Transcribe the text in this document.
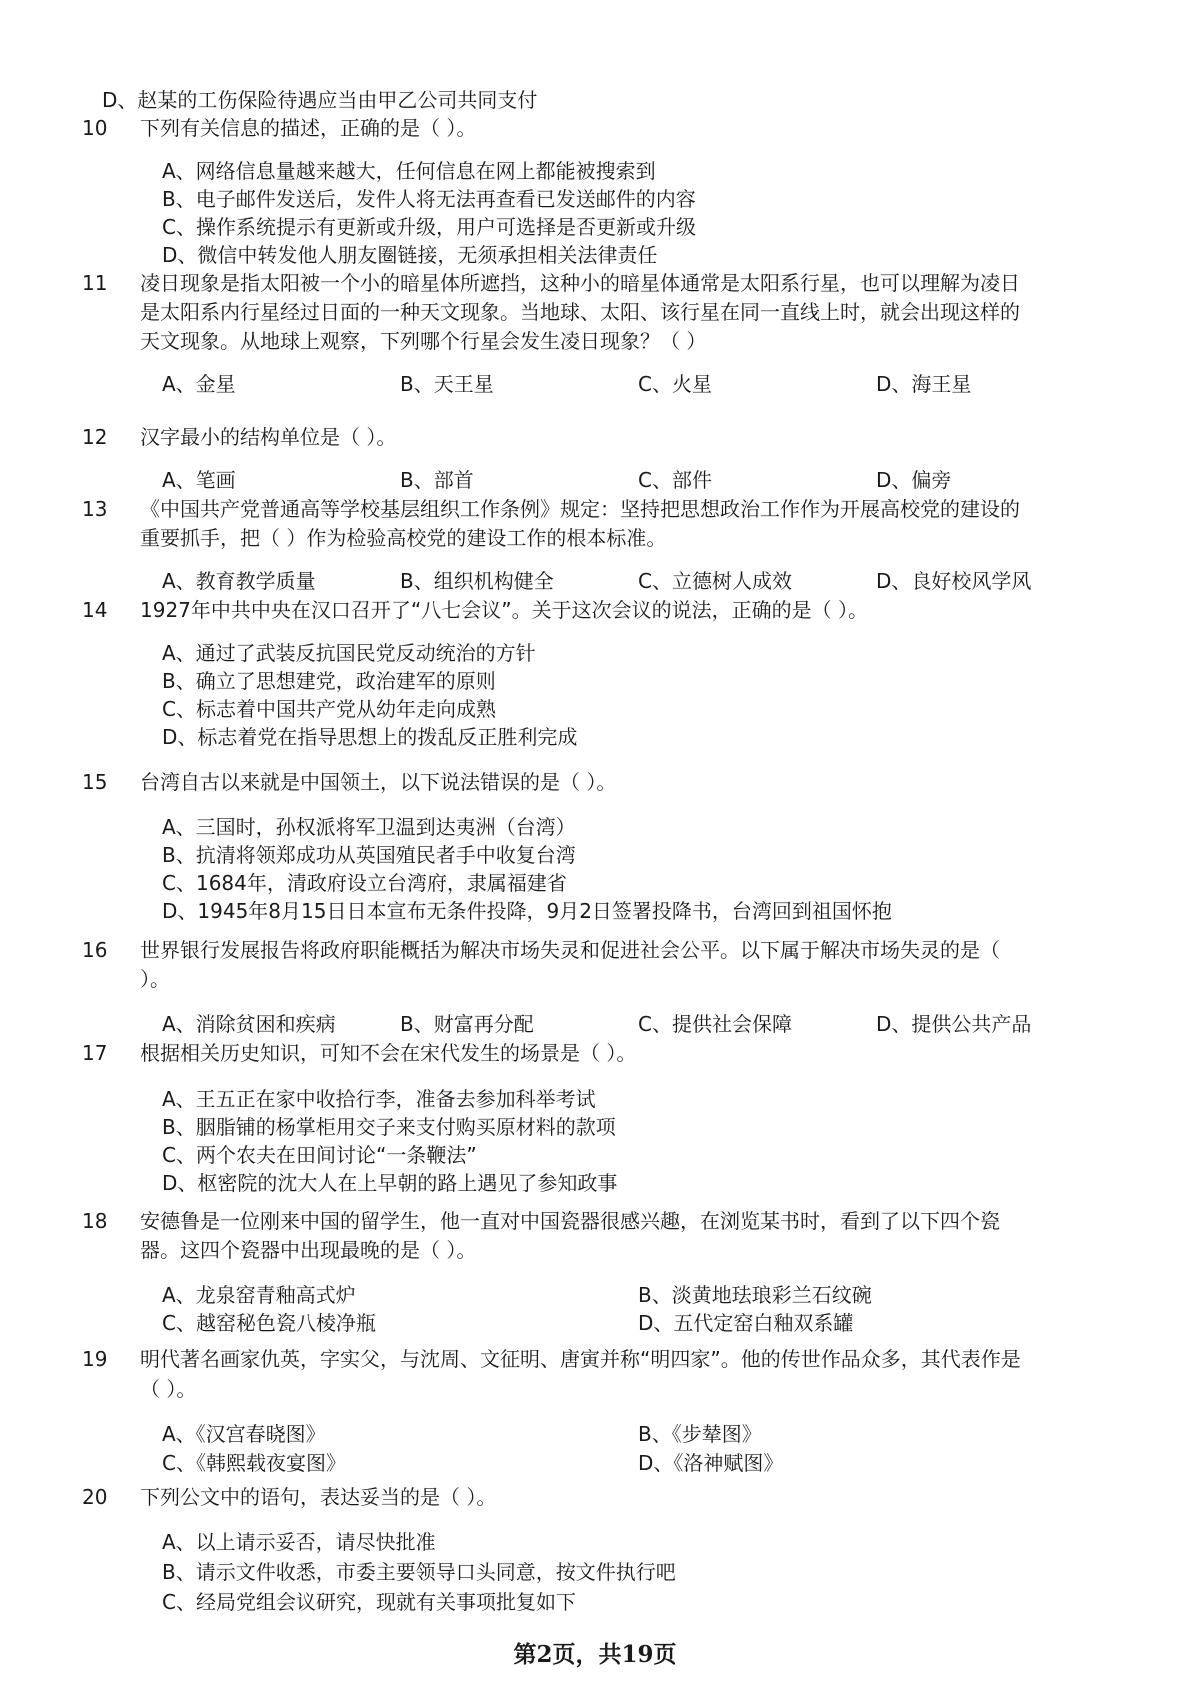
D、赵某的工伤保险待遇应当由甲乙公司共同支付
10	下列有关信息的描述，正确的是（ ）。
A、网络信息量越来越大，任何信息在网上都能被搜索到
B、电子邮件发送后，发件人将无法再查看已发送邮件的内容
C、操作系统提示有更新或升级，用户可选择是否更新或升级
D、微信中转发他人朋友圈链接，无须承担相关法律责任
11	凌日现象是指太阳被一个小的暗星体所遮挡，这种小的暗星体通常是太阳系行星，也可以理解为凌日
是太阳系内行星经过日面的一种天文现象。当地球、太阳、该行星在同一直线上时，就会出现这样的
天文现象。从地球上观察，下列哪个行星会发生凌日现象？（ ）
A、金星	B、天王星	C、火星	D、海王星
12	汉字最小的结构单位是（ ）。
A、笔画	B、部首	C、部件	D、偏旁
13	《中国共产党普通高等学校基层组织工作条例》规定：坚持把思想政治工作作为开展高校党的建设的
重要抓手，把（ ）作为检验高校党的建设工作的根本标准。
A、教育教学质量	B、组织机构健全	C、立德树人成效	D、良好校风学风
14	1927年中共中央在汉口召开了“八七会议”。关于这次会议的说法，正确的是（ ）。
A、通过了武装反抗国民党反动统治的方针
B、确立了思想建党，政治建军的原则
C、标志着中国共产党从幼年走向成熟
D、标志着党在指导思想上的拨乱反正胜利完成
15	台湾自古以来就是中国领土，以下说法错误的是（ ）。
A、三国时，孙权派将军卫温到达夷洲（台湾）
B、抗清将领郑成功从英国殖民者手中收复台湾
C、1684年，清政府设立台湾府，隶属福建省
D、1945年8月15日日本宣布无条件投降，9月2日签署投降书，台湾回到祖国怀抱
16	世界银行发展报告将政府职能概括为解决市场失灵和促进社会公平。以下属于解决市场失灵的是（
）。
A、消除贫困和疾病	B、财富再分配	C、提供社会保障	D、提供公共产品
17	根据相关历史知识，可知不会在宋代发生的场景是（ ）。
A、王五正在家中收拾行李，准备去参加科举考试
B、胭脂铺的杨掌柜用交子来支付购买原材料的款项
C、两个农夫在田间讨论“一条鞭法”
D、枢密院的沈大人在上早朝的路上遇见了参知政事
18	安德鲁是一位刚来中国的留学生，他一直对中国瓷器很感兴趣，在浏览某书时，看到了以下四个瓷
器。这四个瓷器中出现最晚的是（ ）。
A、龙泉窑青釉高式炉	B、淡黄地珐琅彩兰石纹碗
C、越窑秘色瓷八棱净瓶	D、五代定窑白釉双系罐
19	明代著名画家仇英，字实父，与沈周、文征明、唐寅并称“明四家”。他的传世作品众多，其代表作是
（ ）。
A、《汉宫春晓图》	B、《步辇图》
C、《韩熙载夜宴图》	D、《洛神赋图》
20	下列公文中的语句，表达妥当的是（ ）。
A、以上请示妥否，请尽快批准
B、请示文件收悉，市委主要领导口头同意，按文件执行吧
C、经局党组会议研究，现就有关事项批复如下
第2页，共19页
